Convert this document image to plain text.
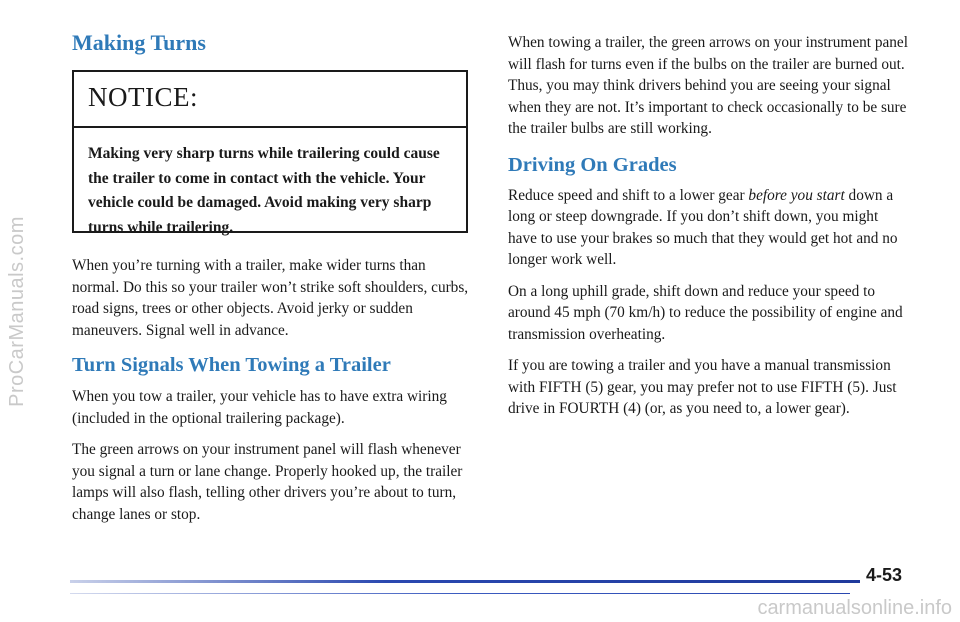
ProCarManuals.com
Making Turns
NOTICE:
Making very sharp turns while trailering could cause the trailer to come in contact with the vehicle. Your vehicle could be damaged. Avoid making very sharp turns while trailering.

When you’re turning with a trailer, make wider turns than normal. Do this so your trailer won’t strike soft shoulders, curbs, road signs, trees or other objects. Avoid jerky or sudden maneuvers. Signal well in advance.

Turn Signals When Towing a Trailer

When you tow a trailer, your vehicle has to have extra wiring (included in the optional trailering package).

The green arrows on your instrument panel will flash whenever you signal a turn or lane change. Properly hooked up, the trailer lamps will also flash, telling other drivers you’re about to turn, change lanes or stop.

When towing a trailer, the green arrows on your instrument panel will flash for turns even if the bulbs on the trailer are burned out. Thus, you may think drivers behind you are seeing your signal when they are not. It’s important to check occasionally to be sure the trailer bulbs are still working.

Driving On Grades

Reduce speed and shift to a lower gear before you start down a long or steep downgrade. If you don’t shift down, you might have to use your brakes so much that they would get hot and no longer work well.

On a long uphill grade, shift down and reduce your speed to around 45 mph (70 km/h) to reduce the possibility of engine and transmission overheating.

If you are towing a trailer and you have a manual transmission with FIFTH (5) gear, you may prefer not to use FIFTH (5). Just drive in FOURTH (4) (or, as you need to, a lower gear).

4-53
carmanualsonline.info
